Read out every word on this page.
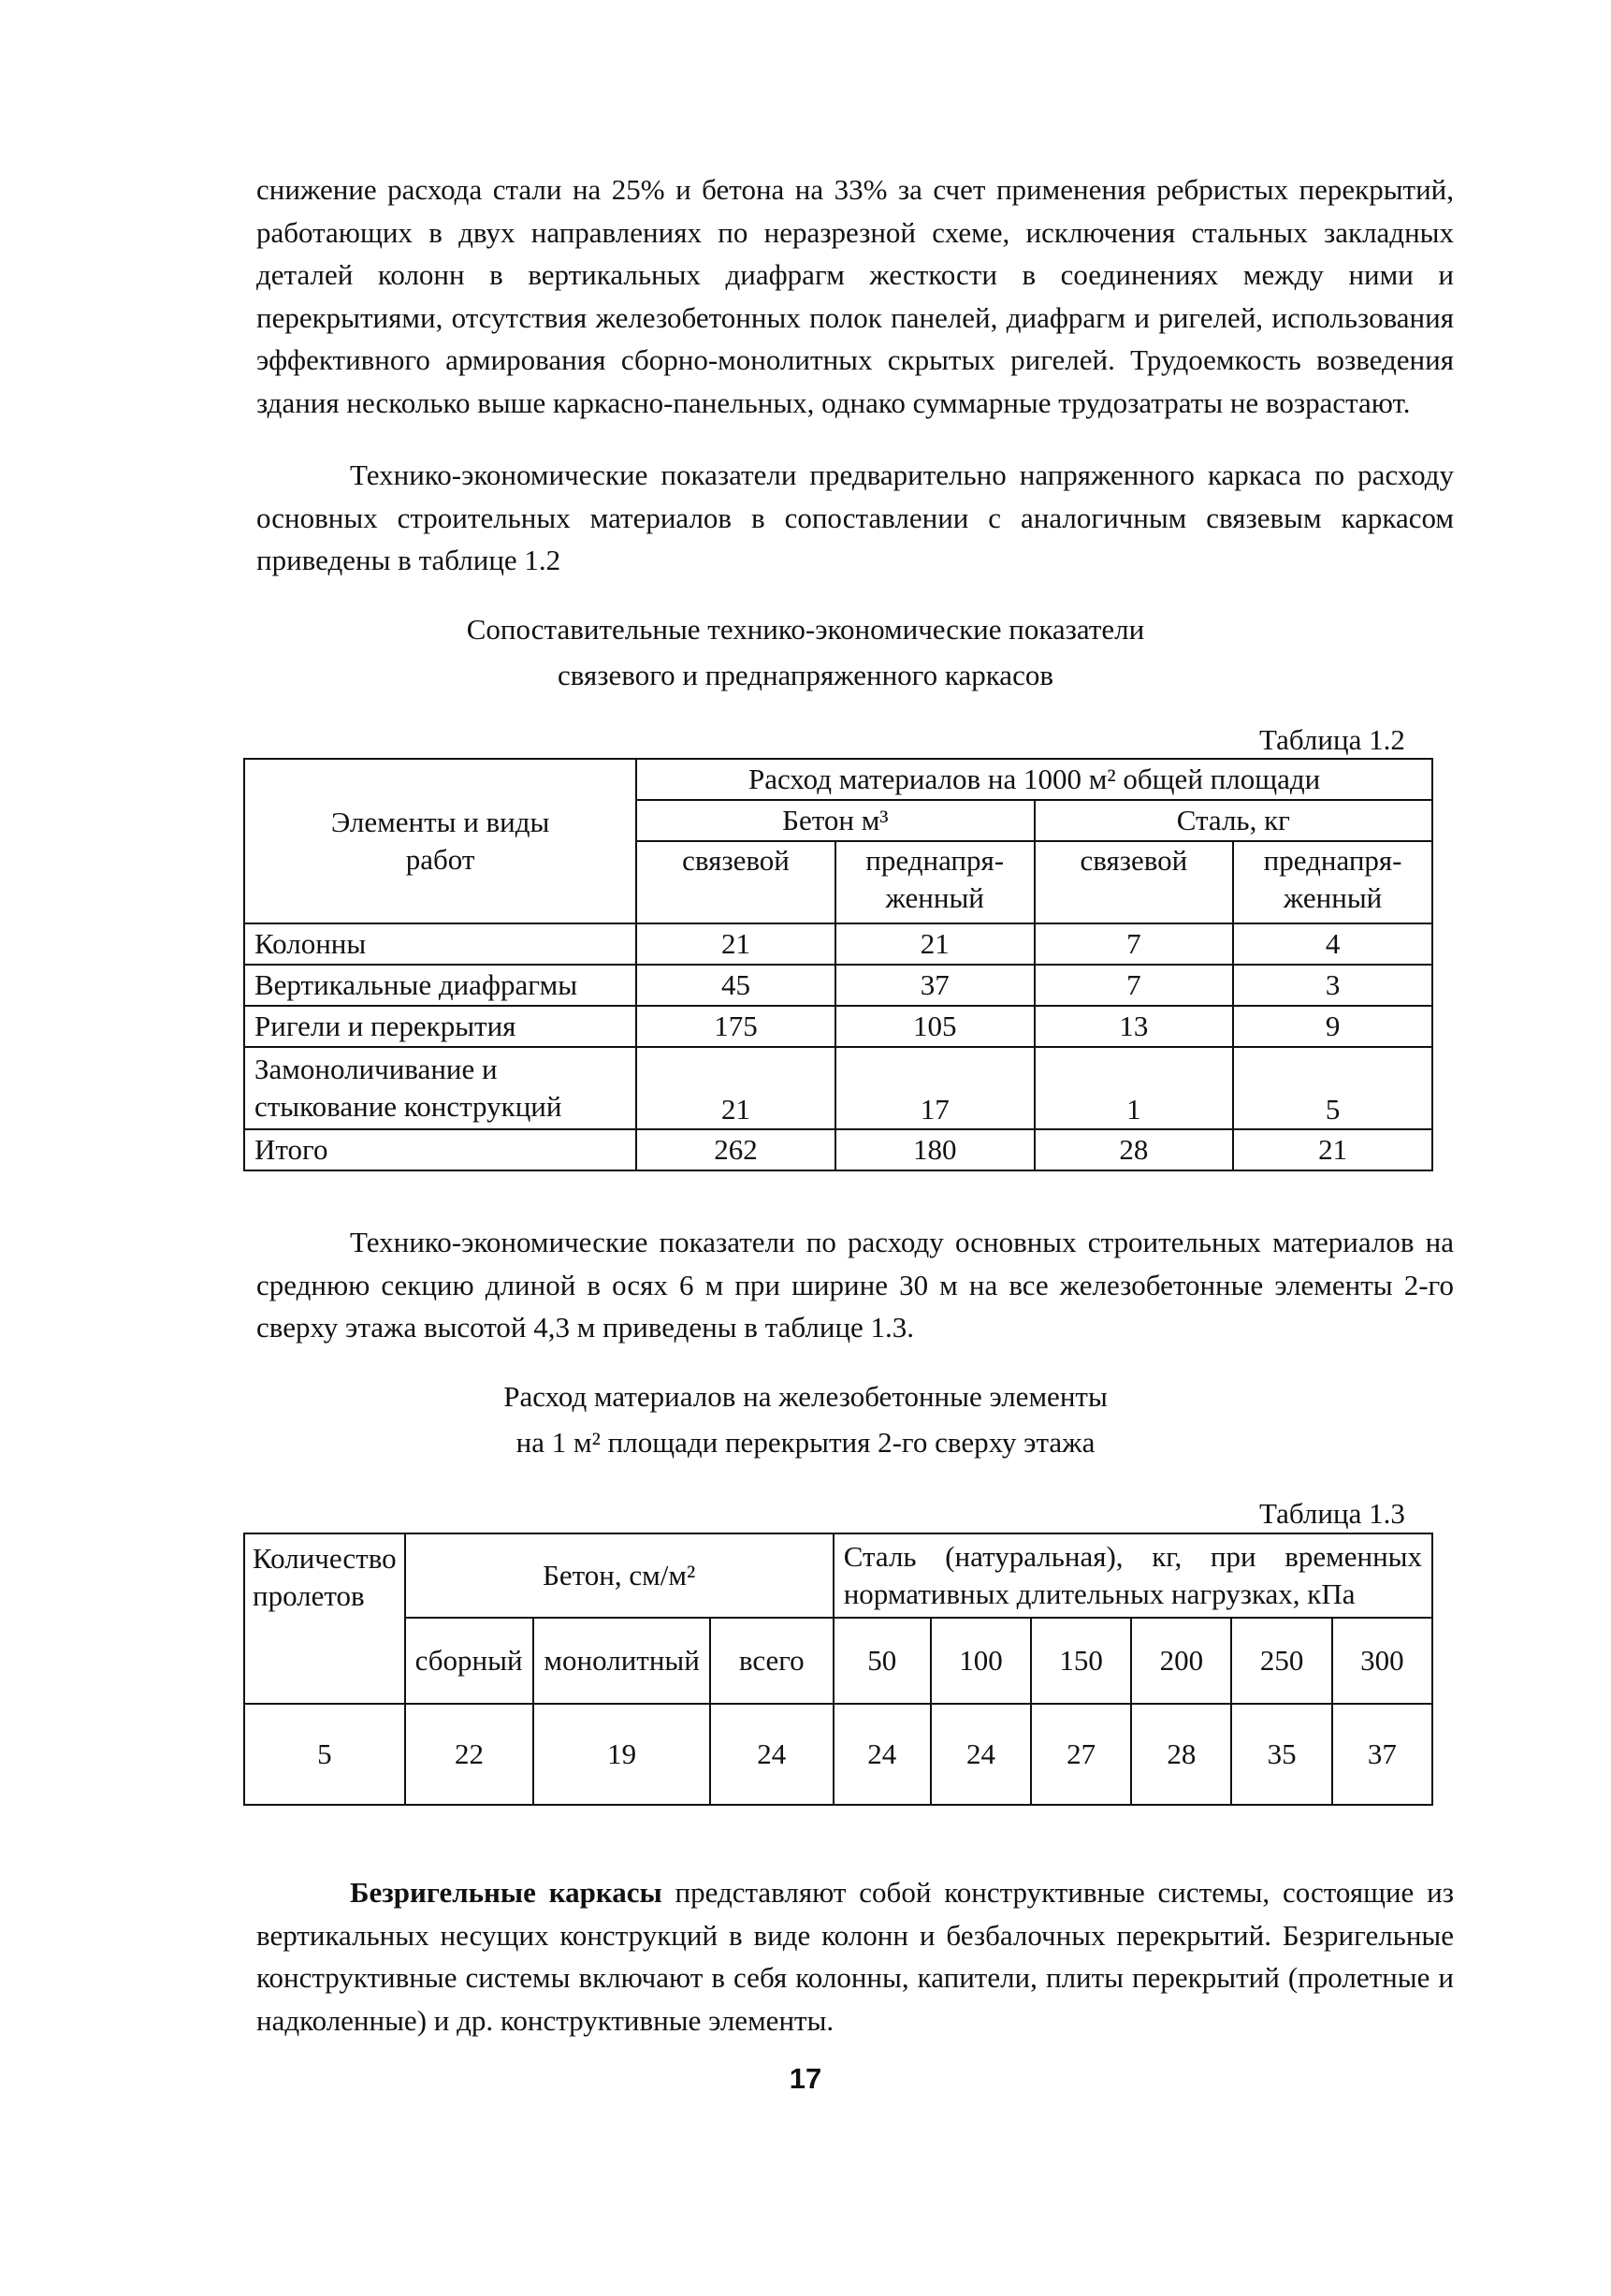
снижение расхода стали на 25% и бетона на 33% за счет применения ребристых перекрытий, работающих в двух направлениях по неразрезной схеме, исключения стальных закладных деталей колонн в вертикальных диафрагм жесткости в соединениях между ними и перекрытиями, отсутствия железобетонных полок панелей, диафрагм и ригелей, использования эффективного армирования сборно-монолитных скрытых ригелей. Трудоемкость возведения здания несколько выше каркасно-панельных, однако суммарные трудозатраты не возрастают.

Технико-экономические показатели предварительно напряженного каркаса по расходу основных строительных материалов в сопоставлении с аналогичным связевым каркасом приведены в таблице 1.2

Сопоставительные технико-экономические показатели
связевого и преднапряженного каркасов
Таблица 1.2
Элементы и виды работ	Расход материалов на 1000 м² общей площади			
	Бетон м³		Сталь, кг	
	связевой	преднапря-женный	связевой	преднапря-женный
Колонны	21	21	7	4
Вертикальные диафрагмы	45	37	7	3
Ригели и перекрытия	175	105	13	9
Замоноличивание и стыкование конструкций	21	17	1	5
Итого	262	180	28	21

Технико-экономические показатели по расходу основных строительных материалов на среднюю секцию длиной в осях 6 м при ширине 30 м на все железобетонные элементы 2-го сверху этажа высотой 4,3 м приведены в таблице 1.3.

Расход материалов на железобетонные элементы
на 1 м² площади перекрытия 2-го сверху этажа
Таблица 1.3
Количество пролетов	Бетон, см/м²			Сталь (натуральная), кг, при временных нормативных длительных нагрузках, кПа					
	сборный	монолитный	всего	50	100	150	200	250	300
5	22	19	24	24	24	27	28	35	37

Безригельные каркасы представляют собой конструктивные системы, состоящие из вертикальных несущих конструкций в виде колонн и безбалочных перекрытий. Безригельные конструктивные системы включают в себя колонны, капители, плиты перекрытий (пролетные и надколенные) и др. конструктивные элементы.

17
